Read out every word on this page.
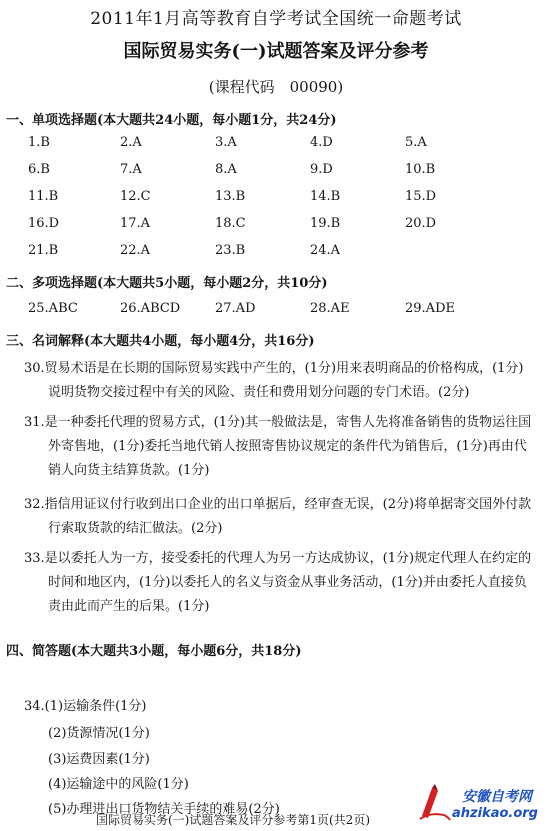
2011年1月高等教育自学考试全国统一命题考试
国际贸易实务(一)试题答案及评分参考
(课程代码　00090)
一、单项选择题(本大题共24小题，每小题1分，共24分)
1.B	2.A	3.A	4.D	5.A
6.B	7.A	8.A	9.D	10.B
11.B	12.C	13.B	14.B	15.D
16.D	17.A	18.C	19.B	20.D
21.B	22.A	23.B	24.A
二、多项选择题(本大题共5小题，每小题2分，共10分)
25.ABC	26.ABCD	27.AD	28.AE	29.ADE
三、名词解释(本大题共4小题，每小题4分，共16分)
30.贸易术语是在长期的国际贸易实践中产生的，(1分)用来表明商品的价格构成，(1分)
说明货物交接过程中有关的风险、责任和费用划分问题的专门术语。(2分)
31.是一种委托代理的贸易方式，(1分)其一般做法是，寄售人先将准备销售的货物运往国
外寄售地，(1分)委托当地代销人按照寄售协议规定的条件代为销售后，(1分)再由代
销人向货主结算货款。(1分)
32.指信用证议付行收到出口企业的出口单据后，经审查无误，(2分)将单据寄交国外付款
行索取货款的结汇做法。(2分)
33.是以委托人为一方，接受委托的代理人为另一方达成协议，(1分)规定代理人在约定的
时间和地区内，(1分)以委托人的名义与资金从事业务活动，(1分)并由委托人直接负
责由此而产生的后果。(1分)
四、简答题(本大题共3小题，每小题6分，共18分)
34.(1)运输条件(1分)
(2)货源情况(1分)
(3)运费因素(1分)
(4)运输途中的风险(1分)
(5)办理进出口货物结关手续的难易(2分)
国际贸易实务(一)试题答案及评分参考第1页(共2页)
安徽自考网
ahzikao.org
